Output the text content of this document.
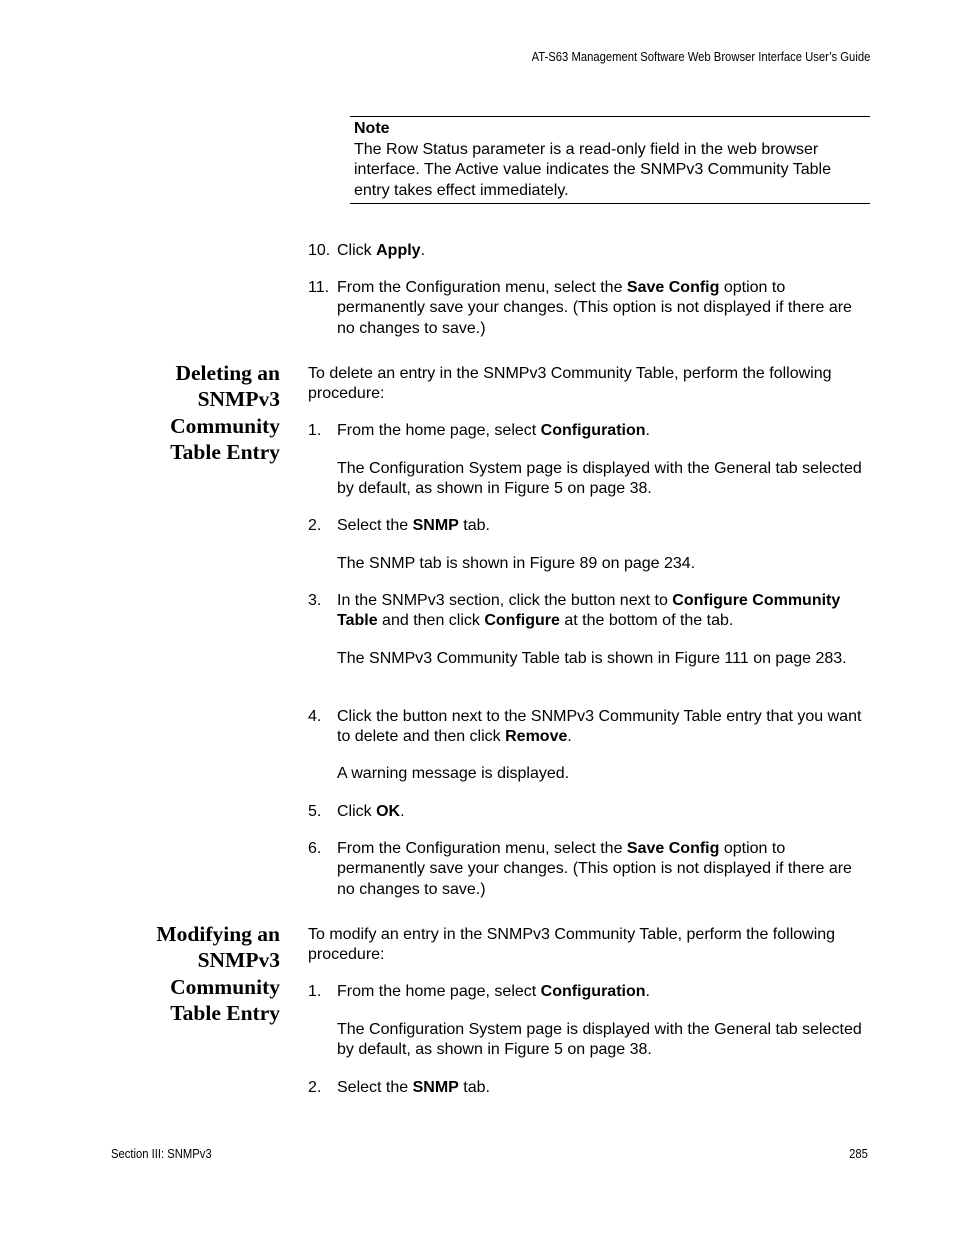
AT-S63 Management Software Web Browser Interface User’s Guide
Note
The Row Status parameter is a read-only field in the web browser interface. The Active value indicates the SNMPv3 Community Table entry takes effect immediately.
10. Click Apply.
11. From the Configuration menu, select the Save Config option to permanently save your changes. (This option is not displayed if there are no changes to save.)
Deleting an
SNMPv3
Community
Table Entry
To delete an entry in the SNMPv3 Community Table, perform the following procedure:
1. From the home page, select Configuration.
The Configuration System page is displayed with the General tab selected by default, as shown in Figure 5 on page 38.
2. Select the SNMP tab.
The SNMP tab is shown in Figure 89 on page 234.
3. In the SNMPv3 section, click the button next to Configure Community Table and then click Configure at the bottom of the tab.
The SNMPv3 Community Table tab is shown in Figure 111 on page 283.
4. Click the button next to the SNMPv3 Community Table entry that you want to delete and then click Remove.
A warning message is displayed.
5. Click OK.
6. From the Configuration menu, select the Save Config option to permanently save your changes. (This option is not displayed if there are no changes to save.)
Modifying an
SNMPv3
Community
Table Entry
To modify an entry in the SNMPv3 Community Table, perform the following procedure:
1. From the home page, select Configuration.
The Configuration System page is displayed with the General tab selected by default, as shown in Figure 5 on page 38.
2. Select the SNMP tab.
Section III: SNMPv3	285
